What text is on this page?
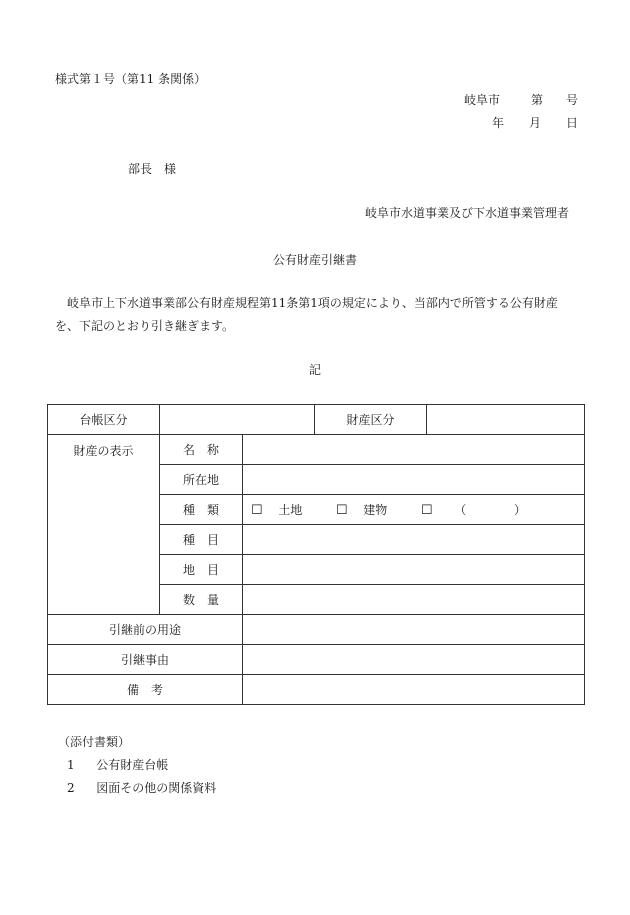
様式第１号（第11 条関係）
岐阜市	第 号
年 月 日
部長　様
岐阜市水道事業及び下水道事業管理者
公有財産引継書
岐阜市上下水道事業部公有財産規程第11条第1項の規定により、当部内で所管する公有財産
を、下記のとおり引き継ぎます。
記
台帳区分			財産区分	
財産の表示	名　称			
	所在地			
	種　類	☐ 土地 ☐ 建物 ☐ （ ）		
	種　目			
	地　目			
	数　量			
引継前の用途				
引継事由				
備　考				
（添付書類）
1 公有財産台帳
2 図面その他の関係資料
